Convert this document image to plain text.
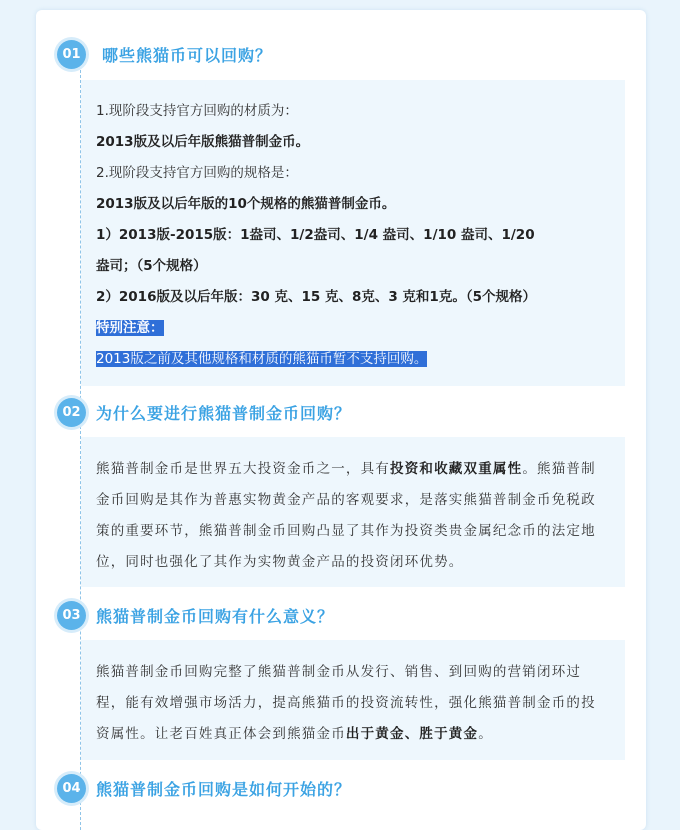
01	哪些熊猫币可以回购？

1.现阶段支持官方回购的材质为：

2013版及以后年版熊猫普制金币。

2.现阶段支持官方回购的规格是：

2013版及以后年版的10个规格的熊猫普制金币。

1）2013版-2015版：1盎司、1/2盎司、1/4 盎司、1/10 盎司、1/20

盎司；（5个规格）

2）2016版及以后年版：30 克、15 克、8克、3 克和1克。（5个规格）

特别注意：

2013版之前及其他规格和材质的熊猫币暂不支持回购。

02 为什么要进行熊猫普制金币回购？

熊猫普制金币是世界五大投资金币之一，具有投资和收藏双重属性。熊猫普制金币回购是其作为普惠实物黄金产品的客观要求，是落实熊猫普制金币免税政策的重要环节，熊猫普制金币回购凸显了其作为投资类贵金属纪念币的法定地位，同时也强化了其作为实物黄金产品的投资闭环优势。

03 熊猫普制金币回购有什么意义？

熊猫普制金币回购完整了熊猫普制金币从发行、销售、到回购的营销闭环过程，能有效增强市场活力，提高熊猫币的投资流转性，强化熊猫普制金币的投资属性。让老百姓真正体会到熊猫金币出于黄金、胜于黄金。

04 熊猫普制金币回购是如何开始的？
